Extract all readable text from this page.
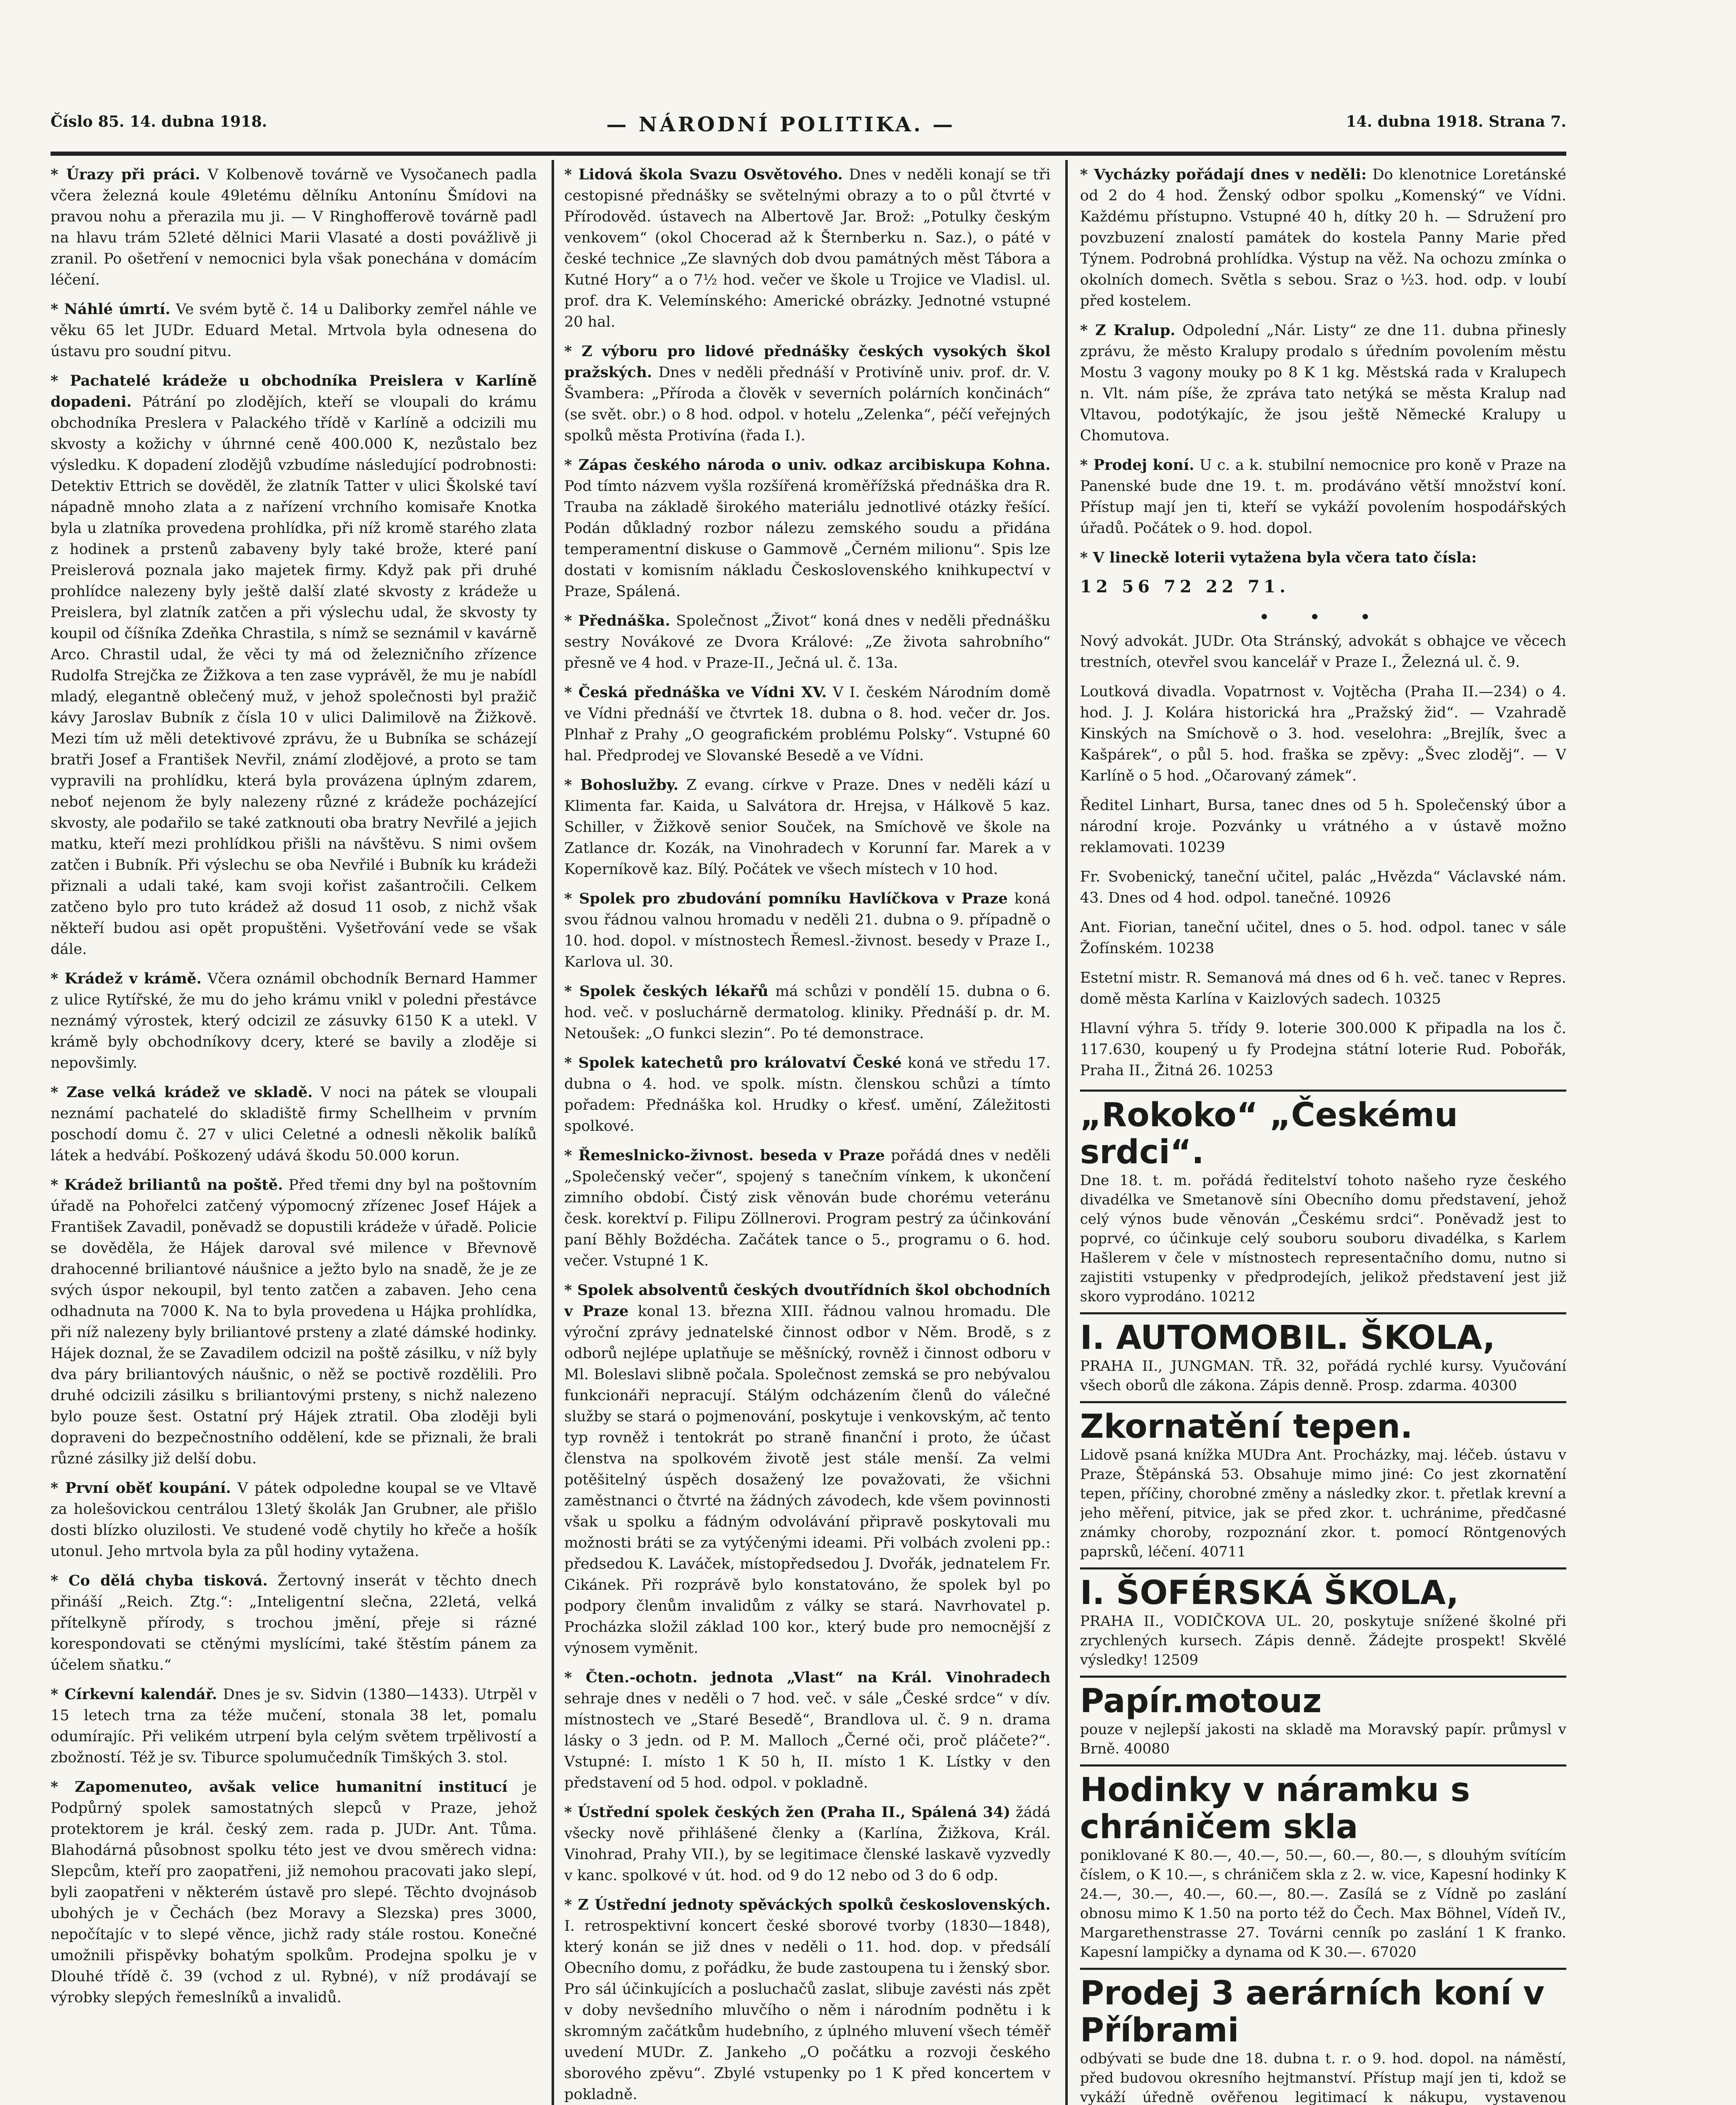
Číslo 85. 14. dubna 1918.	— NÁRODNÍ POLITIKA. —	14. dubna 1918. Strana 7.

* Úrazy při práci. V Kolbenově továrně ve Vysočanech padla včera železná koule 49letému dělníku Antonínu Šmídovi na pravou nohu a přerazila mu ji. — V Ringhofferově továrně padl na hlavu trám 52leté dělnici Marii Vlasaté a dosti povážlivě ji zranil. Po ošetření v nemocnici byla však ponechána v domácím léčení.

* Náhlé úmrtí. Ve svém bytě č. 14 u Daliborky zemřel náhle ve věku 65 let JUDr. Eduard Metal. Mrtvola byla odnesena do ústavu pro soudní pitvu.

* Pachatelé krádeže u obchodníka Preislera v Karlíně dopadeni. Pátrání po zlodějích, kteří se vloupali do krámu obchodníka Preslera v Palackého třídě v Karlíně a odcizili mu skvosty a kožichy v úhrnné ceně 400.000 K, nezůstalo bez výsledku. K dopadení zlodějů vzbudíme následující podrobnosti: Detektiv Ettrich se dověděl, že zlatník Tatter v ulici Školské taví nápadně mnoho zlata a z nařízení vrchního komisaře Knotka byla u zlatníka provedena prohlídka, při níž kromě starého zlata z hodinek a prstenů zabaveny byly také brože, které paní Preislerová poznala jako majetek firmy. Když pak při druhé prohlídce nalezeny byly ještě další zlaté skvosty z krádeže u Preislera, byl zlatník zatčen a při výslechu udal, že skvosty ty koupil od číšníka Zdeňka Chrastila, s nímž se seznámil v kavárně Arco. Chrastil udal, že věci ty má od železničního zřízence Rudolfa Strejčka ze Žižkova a ten zase vyprávěl, že mu je nabídl mladý, elegantně oblečený muž, v jehož společnosti byl pražič kávy Jaroslav Bubník z čísla 10 v ulici Dalimilově na Žižkově. Mezi tím už měli detektivové zprávu, že u Bubníka se scházejí bratři Josef a František Nevřil, známí zlodějové, a proto se tam vypravili na prohlídku, která byla provázena úplným zdarem, neboť nejenom že byly nalezeny různé z krádeže pocházející skvosty, ale podařilo se také zatknouti oba bratry Nevřilé a jejich matku, kteří mezi prohlídkou přišli na návštěvu. S nimi ovšem zatčen i Bubník. Při výslechu se oba Nevřilé i Bubník ku krádeži přiznali a udali také, kam svoji kořist zašantročili. Celkem zatčeno bylo pro tuto krádež až dosud 11 osob, z nichž však někteří budou asi opět propuštěni. Vyšetřování vede se však dále.

* Krádež v krámě. Včera oznámil obchodník Bernard Hammer z ulice Rytířské, že mu do jeho krámu vnikl v poledni přestávce neznámý výrostek, který odcizil ze zásuvky 6150 K a utekl. V krámě byly obchodníkovy dcery, které se bavily a zloděje si nepovšimly.

* Zase velká krádež ve skladě. V noci na pátek se vloupali neznámí pachatelé do skladiště firmy Schellheim v prvním poschodí domu č. 27 v ulici Celetné a odnesli několik balíků látek a hedvábí. Poškozený udává škodu 50.000 korun.

* Krádež briliantů na poště. Před třemi dny byl na poštovním úřadě na Pohořelci zatčený výpomocný zřízenec Josef Hájek a František Zavadil, poněvadž se dopustili krádeže v úřadě. Policie se dověděla, že Hájek daroval své milence v Břevnově drahocenné briliantové náušnice a ježto bylo na snadě, že je ze svých úspor nekoupil, byl tento zatčen a zabaven. Jeho cena odhadnuta na 7000 K. Na to byla provedena u Hájka prohlídka, při níž nalezeny byly briliantové prsteny a zlaté dámské hodinky. Hájek doznal, že se Zavadilem odcizil na poště zásilku, v níž byly dva páry briliantových náušnic, o něž se poctivě rozdělili. Pro druhé odcizili zásilku s briliantovými prsteny, s nichž nalezeno bylo pouze šest. Ostatní prý Hájek ztratil. Oba zloději byli dopraveni do bezpečnostního oddělení, kde se přiznali, že brali různé zásilky již delší dobu.

* První oběť koupání. V pátek odpoledne koupal se ve Vltavě za holešovickou centrálou 13letý školák Jan Grubner, ale přišlo dosti blízko oluzilosti. Ve studené vodě chytily ho křeče a hošík utonul. Jeho mrtvola byla za půl hodiny vytažena.

* Co dělá chyba tisková. Žertovný inserát v těchto dnech přináší „Reich. Ztg.“: „Inteligentní slečna, 22letá, velká přítelkyně přírody, s trochou jmění, přeje si rázné korespondovati se ctěnými myslícími, také štěstím pánem za účelem sňatku.“

* Církevní kalendář. Dnes je sv. Sidvin (1380—1433). Utrpěl v 15 letech trna za téže mučení, stonala 38 let, pomalu odumírajíc. Při velikém utrpení byla celým světem trpělivostí a zbožností. Též je sv. Tiburce spolumučedník Timškých 3. stol.

* Zapomenuteo, avšak velice humanitní institucí je Podpůrný spolek samostatných slepců v Praze, jehož protektorem je král. český zem. rada p. JUDr. Ant. Tůma. Blahodárná působnost spolku této jest ve dvou směrech vidna: Slepcům, kteří pro zaopatřeni, již nemohou pracovati jako slepí, byli zaopatřeni v některém ústavě pro slepé. Těchto dvojnásob ubohých je v Čechách (bez Moravy a Slezska) pres 3000, nepočítajíc v to slepé věnce, jichž rady stále rostou. Konečné umožnili přispěvky bohatým spolkům. Prodejna spolku je v Dlouhé třídě č. 39 (vchod z ul. Rybné), v níž prodávají se výrobky slepých řemeslníků a invalidů.

* Lidová škola Svazu Osvětového. Dnes v neděli konají se tři cestopisné přednášky se světelnými obrazy a to o půl čtvrté v Přírodověd. ústavech na Albertově Jar. Brož: „Potulky českým venkovem“ (okol Chocerad až k Šternberku n. Saz.), o páté v české technice „Ze slavných dob dvou památných měst Tábora a Kutné Hory“ a o 7½ hod. večer ve škole u Trojice ve Vladisl. ul. prof. dra K. Velemínského: Americké obrázky. Jednotné vstupné 20 hal.

* Z výboru pro lidové přednášky českých vysokých škol pražských. Dnes v neděli přednáší v Protivíně univ. prof. dr. V. Švambera: „Příroda a člověk v severních polárních končinách“ (se svět. obr.) o 8 hod. odpol. v hotelu „Zelenka“, péčí veřejných spolků města Protivína (řada I.).

* Zápas českého národa o univ. odkaz arcibiskupa Kohna. Pod tímto názvem vyšla rozšířená kroměřížská přednáška dra R. Trauba na základě širokého materiálu jednotlivé otázky řešící. Podán důkladný rozbor nálezu zemského soudu a přidána temperamentní diskuse o Gammově „Černém milionu“. Spis lze dostati v komisním nákladu Československého knihkupectví v Praze, Spálená.

* Přednáška. Společnost „Život“ koná dnes v neděli přednášku sestry Novákové ze Dvora Králové: „Ze života sahrobního“ přesně ve 4 hod. v Praze-II., Ječná ul. č. 13a.

* Česká přednáška ve Vídni XV. V I. českém Národním domě ve Vídni přednáší ve čtvrtek 18. dubna o 8. hod. večer dr. Jos. Plnhař z Prahy „O geografickém problému Polsky“. Vstupné 60 hal. Předprodej ve Slovanské Besedě a ve Vídni.

* Bohoslužby. Z evang. církve v Praze. Dnes v neděli kází u Klimenta far. Kaida, u Salvátora dr. Hrejsa, v Hálkově 5 kaz. Schiller, v Žižkově senior Souček, na Smíchově ve škole na Zatlance dr. Kozák, na Vinohradech v Korunní far. Marek a v Koperníkově kaz. Bílý. Počátek ve všech místech v 10 hod.

* Spolek pro zbudování pomníku Havlíčkova v Praze koná svou řádnou valnou hromadu v neděli 21. dubna o 9. případně o 10. hod. dopol. v místnostech Řemesl.-živnost. besedy v Praze I., Karlova ul. 30.

* Spolek českých lékařů má schůzi v pondělí 15. dubna o 6. hod. več. v posluchárně dermatolog. kliniky. Přednáší p. dr. M. Netoušek: „O funkci slezin“. Po té demonstrace.

* Spolek katechetů pro královatví České koná ve středu 17. dubna o 4. hod. ve spolk. místn. členskou schůzi a tímto pořadem: Přednáška kol. Hrudky o křesť. umění, Záležitosti spolkové.

* Řemeslnicko-živnost. beseda v Praze pořádá dnes v neděli „Společenský večer“, spojený s tanečním vínkem, k ukončení zimního období. Čistý zisk věnován bude chorému veteránu česk. korektví p. Filipu Zöllnerovi. Program pestrý za účinkování paní Běhly Boždécha. Začátek tance o 5., programu o 6. hod. večer. Vstupné 1 K.

* Spolek absolventů českých dvoutřídních škol obchodních v Praze konal 13. března XIII. řádnou valnou hromadu. Dle výroční zprávy jednatelské činnost odbor v Něm. Brodě, s z odborů nejlépe uplatňuje se měšnícký, rovněž i činnost odboru v Ml. Boleslavi slibně počala. Společnost zemská se pro nebývalou funkcionáři nepracují. Stálým odcházením členů do válečné služby se stará o pojmenování, poskytuje i venkovským, ač tento typ rovněž i tentokrát po straně finanční i proto, že účast členstva na spolkovém životě jest stále menší. Za velmi potěšitelný úspěch dosažený lze považovati, že všichni zaměstnanci o čtvrté na žádných závodech, kde všem povinnosti však u spolku a fádným odvolávání připravě poskytovali mu možnosti bráti se za vytýčenými ideami. Při volbách zvoleni pp.: předsedou K. Laváček, místopředsedou J. Dvořák, jednatelem Fr. Cikánek. Při rozprávě bylo konstatováno, že spolek byl po podpory členům invalidům z války se stará. Navrhovatel p. Procházka složil základ 100 kor., který bude pro nemocnější z výnosem vyměnit.

* Čten.-ochotn. jednota „Vlast“ na Král. Vinohradech sehraje dnes v neděli o 7 hod. več. v sále „České srdce“ v dív. místnostech ve „Staré Besedě“, Brandlova ul. č. 9 n. drama lásky o 3 jedn. od P. M. Malloch „Černé oči, proč pláčete?“. Vstupné: I. místo 1 K 50 h, II. místo 1 K. Lístky v den představení od 5 hod. odpol. v pokladně.

* Ústřední spolek českých žen (Praha II., Spálená 34) žádá všecky nově přihlášené členky a (Karlína, Žižkova, Král. Vinohrad, Prahy VII.), by se legitimace členské laskavě vyzvedly v kanc. spolkové v út. hod. od 9 do 12 nebo od 3 do 6 odp.

* Z Ústřední jednoty spěváckých spolků československých. I. retrospektivní koncert české sborové tvorby (1830—1848), který konán se již dnes v neděli o 11. hod. dop. v předsálí Obecního domu, z pořádku, že bude zastoupena tu i ženský sbor. Pro sál účinkujících a posluchačů zaslat, slibuje zavésti nás zpět v doby nevšedního mluvčího o něm i národním podnětu i k skromným začátkům hudebního, z úplného mluvení všech téměř uvedení MUDr. Z. Jankeho „O počátku a rozvoji českého sborového zpěvu“. Zbylé vstupenky po 1 K před koncertem v pokladně.

* Vycházky pořádají dnes v neděli: Do klenotnice Loretánské od 2 do 4 hod. Ženský odbor spolku „Komenský“ ve Vídni. Každému přístupno. Vstupné 40 h, dítky 20 h. — Sdružení pro povzbuzení znalostí památek do kostela Panny Marie před Týnem. Podrobná prohlídka. Výstup na věž. Na ochozu zmínka o okolních domech. Světla s sebou. Sraz o ½3. hod. odp. v loubí před kostelem.

* Z Kralup. Odpolední „Nár. Listy“ ze dne 11. dubna přinesly zprávu, že město Kralupy prodalo s úředním povolením městu Mostu 3 vagony mouky po 8 K 1 kg. Městská rada v Kralupech n. Vlt. nám píše, že zpráva tato netýká se města Kralup nad Vltavou, podotýkajíc, že jsou ještě Německé Kralupy u Chomutova.

* Prodej koní. U c. a k. stubilní nemocnice pro koně v Praze na Panenské bude dne 19. t. m. prodáváno větší množství koní. Přístup mají jen ti, kteří se vykáží povolením hospodářských úřadů. Počátek o 9. hod. dopol.

* V lineckě loterii vytažena byla včera tato čísla:

12 56 72 22 71.
• • •

Nový advokát. JUDr. Ota Stránský, advokát s obhajce ve věcech trestních, otevřel svou kancelář v Praze I., Železná ul. č. 9.

Loutková divadla. Vopatrnost v. Vojtěcha (Praha II.—234) o 4. hod. J. J. Kolára historická hra „Pražský žid“. — Vzahradě Kinských na Smíchově o 3. hod. veselohra: „Brejlík, švec a Kašpárek“, o půl 5. hod. fraška se zpěvy: „Švec zloděj“. — V Karlíně o 5 hod. „Očarovaný zámek“.

Ředitel Linhart, Bursa, tanec dnes od 5 h. Společenský úbor a národní kroje. Pozvánky u vrátného a v ústavě možno reklamovati. 10239

Fr. Svobenický, taneční učitel, palác „Hvězda“ Václavské nám. 43. Dnes od 4 hod. odpol. tanečné. 10926

Ant. Fiorian, taneční učitel, dnes o 5. hod. odpol. tanec v sále Žofínském. 10238

Estetní mistr. R. Semanová má dnes od 6 h. več. tanec v Repres. domě města Karlína v Kaizlových sadech. 10325

Hlavní výhra 5. třídy 9. loterie 300.000 K připadla na los č. 117.630, koupený u fy Prodejna státní loterie Rud. Pobořák, Praha II., Žitná 26. 10253

„Rokoko“ „Českému srdci“.
Dne 18. t. m. pořádá ředitelství tohoto našeho ryze českého divadélka ve Smetanově síni Obecního domu představení, jehož celý výnos bude věnován „Českému srdci“. Poněvadž jest to poprvé, co účinkuje celý souboru souboru divadélka, s Karlem Hašlerem v čele v místnostech representačního domu, nutno si zajistiti vstupenky v předprodejích, jelikož představení jest již skoro vyprodáno. 10212
I. AUTOMOBIL. ŠKOLA,
PRAHA II., JUNGMAN. TŘ. 32, pořádá rychlé kursy. Vyučování všech oborů dle zákona. Zápis denně. Prosp. zdarma. 40300
Zkornatění tepen.
Lidově psaná knížka MUDra Ant. Procházky, maj. léčeb. ústavu v Praze, Štěpánská 53. Obsahuje mimo jiné: Co jest zkornatění tepen, příčiny, chorobné změny a následky zkor. t. přetlak krevní a jeho měření, pitvice, jak se před zkor. t. uchránime, předčasné známky choroby, rozpoznání zkor. t. pomocí Röntgenových paprsků, léčení. 40711
I. ŠOFÉRSKÁ ŠKOLA,
PRAHA II., VODIČKOVA UL. 20, poskytuje snížené školné při zrychlených kursech. Zápis denně. Žádejte prospekt! Skvělé výsledky! 12509
Papír.motouz
pouze v nejlepší jakosti na skladě ma Moravský papír. průmysl v Brně. 40080
Hodinky v náramku s chráničem skla
poniklované K 80.—, 40.—, 50.—, 60.—, 80.—, s dlouhým svítícím číslem, o K 10.—, s chráničem skla z 2. w. vice, Kapesní hodinky K 24.—, 30.—, 40.—, 60.—, 80.—. Zasílá se z Vídně po zaslání obnosu mimo K 1.50 na porto též do Čech. Max Böhnel, Vídeň IV., Margarethenstrasse 27. Továrni cenník po zaslání 1 K franko. Kapesní lampičky a dynama od K 30.—. 67020
Prodej 3 aerárních koní v Příbrami
odbývati se bude dne 18. dubna t. r. o 9. hod. dopol. na náměstí, před budovou okresního hejtmanství. Přístup mají jen ti, kdož se vykáží úředně ověřenou legitimací k nákupu, vystavenou
